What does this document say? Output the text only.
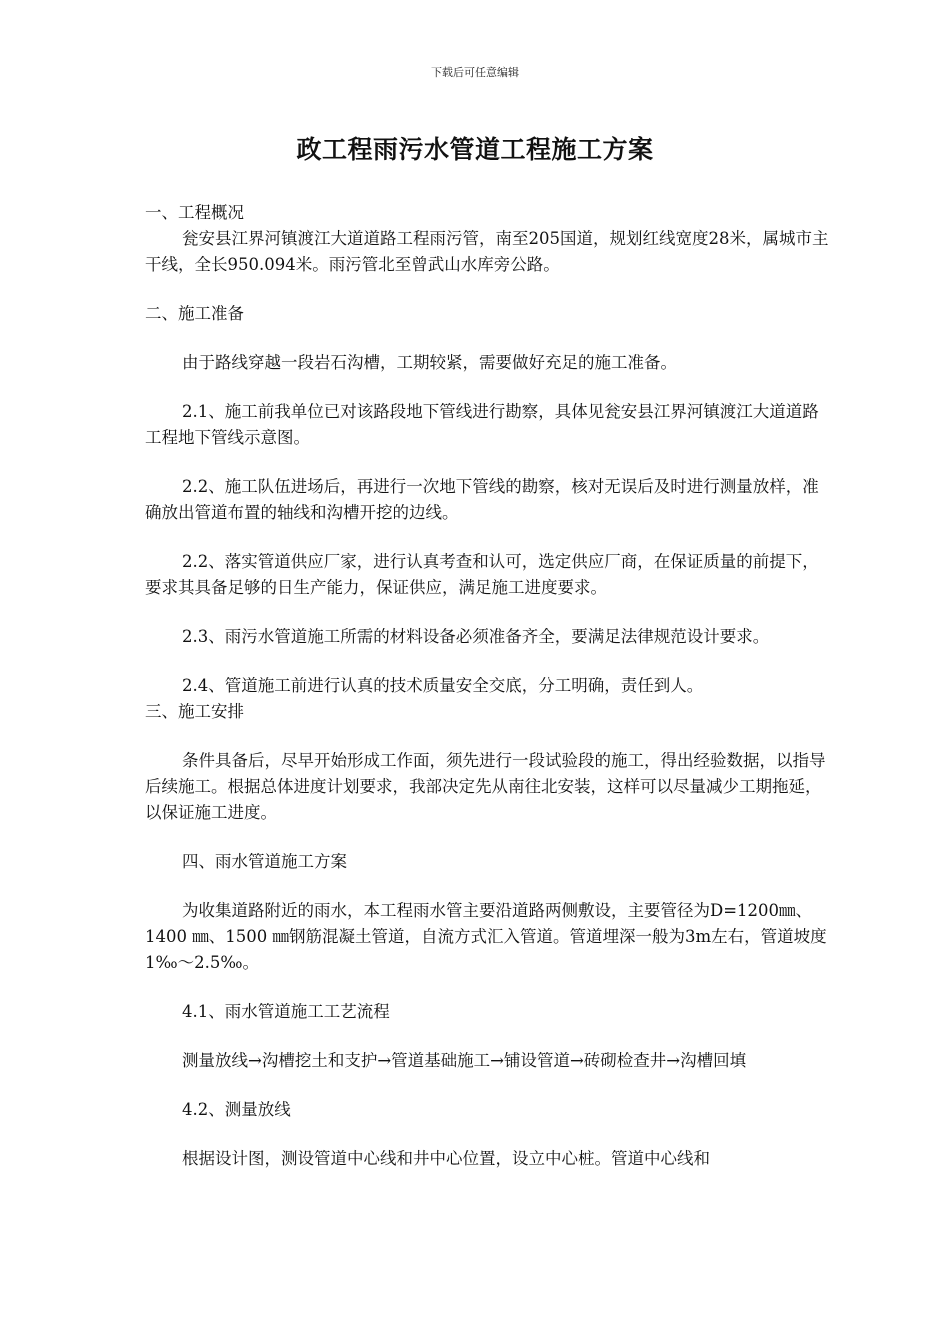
下载后可任意编辑
政工程雨污水管道工程施工方案

一、工程概况

瓮安县江界河镇渡江大道道路工程雨污管，南至205国道，规划红线宽度28米，属城市主干线，全长950.094米。雨污管北至曾武山水库旁公路。

二、施工准备

由于路线穿越一段岩石沟槽，工期较紧，需要做好充足的施工准备。

2.1、施工前我单位已对该路段地下管线进行勘察，具体见瓮安县江界河镇渡江大道道路工程地下管线示意图。

2.2、施工队伍进场后，再进行一次地下管线的勘察，核对无误后及时进行测量放样，准确放出管道布置的轴线和沟槽开挖的边线。

2.2、落实管道供应厂家，进行认真考查和认可，选定供应厂商，在保证质量的前提下，要求其具备足够的日生产能力，保证供应，满足施工进度要求。

2.3、雨污水管道施工所需的材料设备必须准备齐全，要满足法律规范设计要求。

2.4、管道施工前进行认真的技术质量安全交底，分工明确，责任到人。

三、施工安排

条件具备后，尽早开始形成工作面，须先进行一段试验段的施工，得出经验数据，以指导后续施工。根据总体进度计划要求，我部决定先从南往北安装，这样可以尽量减少工期拖延，以保证施工进度。

四、雨水管道施工方案

为收集道路附近的雨水，本工程雨水管主要沿道路两侧敷设，主要管径为D=1200㎜、1400 ㎜、1500 ㎜钢筋混凝土管道，自流方式汇入管道。管道埋深一般为3m左右，管道坡度1‰～2.5‰。

4.1、雨水管道施工工艺流程

测量放线→沟槽挖土和支护→管道基础施工→铺设管道→砖砌检查井→沟槽回填

4.2、测量放线

根据设计图，测设管道中心线和井中心位置，设立中心桩。管道中心线和
